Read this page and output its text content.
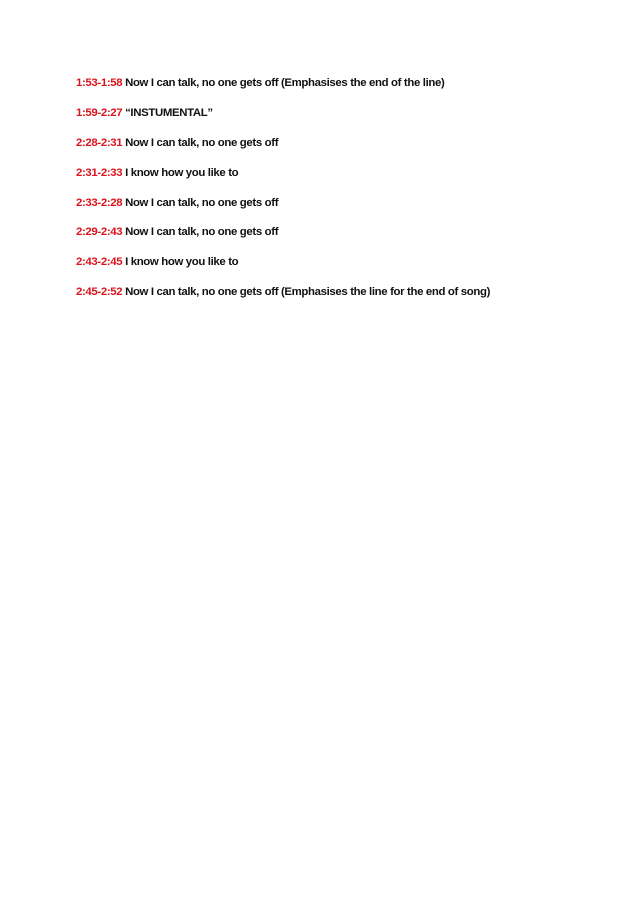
1:53-1:58 Now I can talk, no one gets off (Emphasises the end of the line)
1:59-2:27 “INSTUMENTAL”
2:28-2:31 Now I can talk, no one gets off
2:31-2:33 I know how you like to
2:33-2:28 Now I can talk, no one gets off
2:29-2:43 Now I can talk, no one gets off
2:43-2:45 I know how you like to
2:45-2:52 Now I can talk, no one gets off (Emphasises the line for the end of song)
